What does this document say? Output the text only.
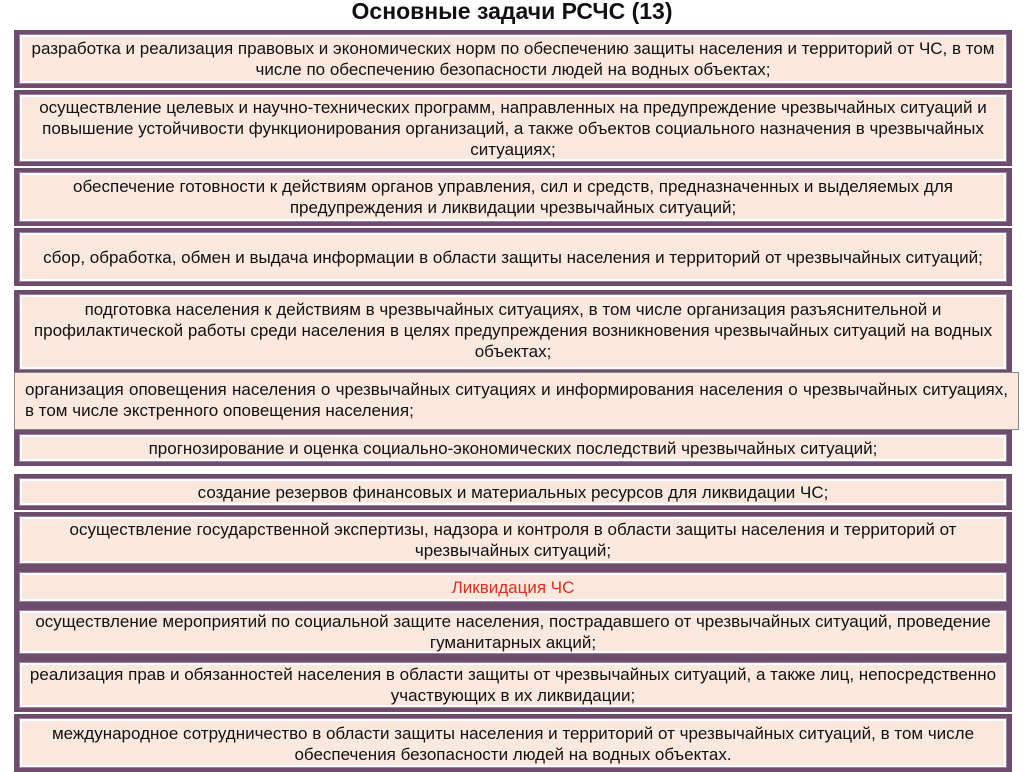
Основные задачи РСЧС (13)
разработка и реализация правовых и экономических норм по обеспечению защиты населения и территорий от ЧС, в том числе по обеспечению безопасности людей на водных объектах;
осуществление целевых и научно-технических программ, направленных на предупреждение чрезвычайных ситуаций и повышение устойчивости функционирования организаций, а также объектов социального назначения в чрезвычайных ситуациях;
обеспечение готовности к действиям органов управления, сил и средств, предназначенных и выделяемых для предупреждения и ликвидации чрезвычайных ситуаций;
сбор, обработка, обмен и выдача информации в области защиты населения и территорий от чрезвычайных ситуаций;
подготовка населения к действиям в чрезвычайных ситуациях, в том числе организация разъяснительной и профилактической работы среди населения в целях предупреждения возникновения чрезвычайных ситуаций на водных объектах;
организация оповещения населения о чрезвычайных ситуациях и информирования населения о чрезвычайных ситуациях, в том числе экстренного оповещения населения;
прогнозирование и оценка социально-экономических последствий чрезвычайных ситуаций;
создание резервов финансовых и материальных ресурсов для ликвидации ЧС;
осуществление государственной экспертизы, надзора и контроля в области защиты населения и территорий от чрезвычайных ситуаций;
Ликвидация ЧС
осуществление мероприятий по социальной защите населения, пострадавшего от чрезвычайных ситуаций, проведение гуманитарных акций;
реализация прав и обязанностей населения в области защиты от чрезвычайных ситуаций, а также лиц, непосредственно участвующих в их ликвидации;
международное сотрудничество в области защиты населения и территорий от чрезвычайных ситуаций, в том числе обеспечения безопасности людей на водных объектах.
